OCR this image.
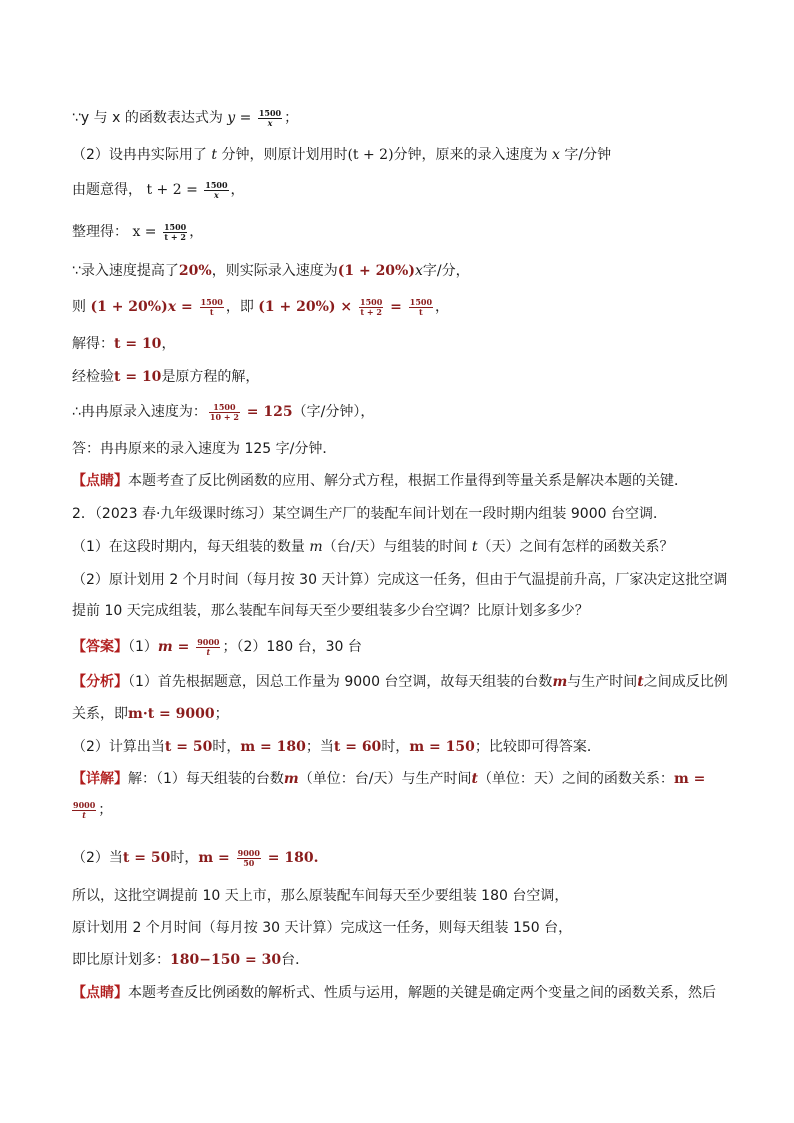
∵y 与 x 的函数表达式为 $y = \frac{1500}{x}$ ；
（2）设冉冉实际用了 t 分钟，则原计划用时(t + 2)分钟，原来的录入速度为 x 字/分钟
由题意得， $t + 2 = \frac{1500}{x}$ ，
整理得： $x = \frac{1500}{t + 2}$ ，
∵录入速度提高了20%，则实际录入速度为(1 + 20%)x字/分，
则 $(1 + 20\%)x = \frac{1500}{t}$ ，即 $(1 + 20\%) \times \frac{1500}{t + 2} = \frac{1500}{t}$ ，
解得：t = 10，
经检验t = 10是原方程的解，
∴冉冉原录入速度为： $\frac{1500}{10 + 2} = 125$（字/分钟），
答：冉冉原来的录入速度为 125 字/分钟．
【点睛】本题考查了反比例函数的应用、解分式方程，根据工作量得到等量关系是解决本题的关键．
2．（2023 春·九年级课时练习）某空调生产厂的装配车间计划在一段时期内组装 9000 台空调．
（1）在这段时期内，每天组装的数量 m（台/天）与组装的时间 t（天）之间有怎样的函数关系？
（2）原计划用 2 个月时间（每月按 30 天计算）完成这一任务，但由于气温提前升高，厂家决定这批空调
提前 10 天完成组装，那么装配车间每天至少要组装多少台空调？比原计划多多少？
【答案】$(1)m = \frac{9000}{t}$ ；（2）180 台，30 台
【分析】（1）首先根据题意，因总工作量为 9000 台空调，故每天组装的台数m与生产时间t之间成反比例
关系，即m·t = 9000；
（2）计算出当t = 50时，m = 180；当t = 60时，m = 150；比较即可得答案．
【详解】解：（1）每天组装的台数m（单位：台/天）与生产时间t（单位：天）之间的函数关系：m =
$\frac{9000}{t}$ ；
（2）当t = 50时，$m = \frac{9000}{50} = 180$.
所以，这批空调提前 10 天上市，那么原装配车间每天至少要组装 180 台空调，
原计划用 2 个月时间（每月按 30 天计算）完成这一任务，则每天组装 150 台，
即比原计划多：180−150 = 30台．
【点睛】本题考查反比例函数的解析式、性质与运用，解题的关键是确定两个变量之间的函数关系，然后
